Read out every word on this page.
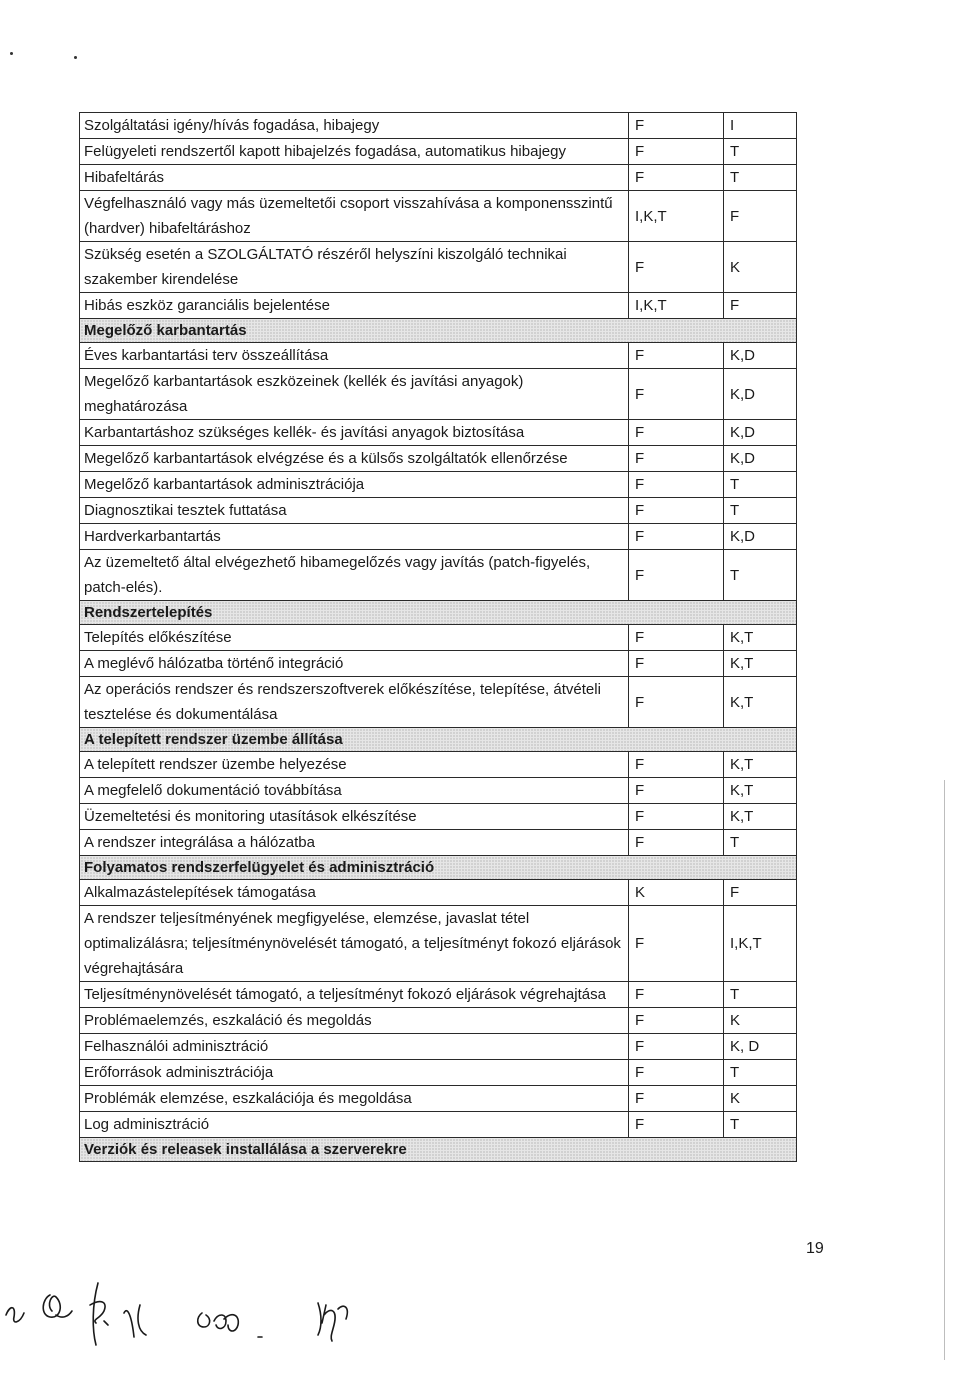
Szolgáltatási igény/hívás fogadása, hibajegy	F	I
Felügyeleti rendszertől kapott hibajelzés fogadása, automatikus hibajegy	F	T
Hibafeltárás	F	T
Végfelhasználó vagy más üzemeltetői csoport visszahívása a komponensszintű (hardver) hibafeltáráshoz	I,K,T	F
Szükség esetén a SZOLGÁLTATÓ részéről helyszíni kiszolgáló technikai szakember kirendelése	F	K
Hibás eszköz garanciális bejelentése	I,K,T	F
Megelőző karbantartás		
Éves karbantartási terv összeállítása	F	K,D
Megelőző karbantartások eszközeinek (kellék és javítási anyagok) meghatározása	F	K,D
Karbantartáshoz szükséges kellék- és javítási anyagok biztosítása	F	K,D
Megelőző karbantartások elvégzése és a külsős szolgáltatók ellenőrzése	F	K,D
Megelőző karbantartások adminisztrációja	F	T
Diagnosztikai tesztek futtatása	F	T
Hardverkarbantartás	F	K,D
Az üzemeltető által elvégezhető hibamegelőzés vagy javítás (patch-figyelés, patch-elés).	F	T
Rendszertelepítés		
Telepítés előkészítése	F	K,T
A meglévő hálózatba történő integráció	F	K,T
Az operációs rendszer és rendszerszoftverek előkészítése, telepítése, átvételi tesztelése és dokumentálása	F	K,T
A telepített rendszer üzembe állítása		
A telepített rendszer üzembe helyezése	F	K,T
A megfelelő dokumentáció továbbítása	F	K,T
Üzemeltetési és monitoring utasítások elkészítése	F	K,T
A rendszer integrálása a hálózatba	F	T
Folyamatos rendszerfelügyelet és adminisztráció		
Alkalmazástelepítések támogatása	K	F
A rendszer teljesítményének megfigyelése, elemzése, javaslat tétel optimalizálásra; teljesítménynövelését támogató, a teljesítményt fokozó eljárások végrehajtására	F	I,K,T
Teljesítménynövelését támogató, a teljesítményt fokozó eljárások végrehajtása	F	T
Problémaelemzés, eszkaláció és megoldás	F	K
Felhasználói adminisztráció	F	K, D
Erőforrások adminisztrációja	F	T
Problémák elemzése, eszkalációja és megoldása	F	K
Log adminisztráció	F	T
Verziók és releasek installálása a szerverekre		
19
